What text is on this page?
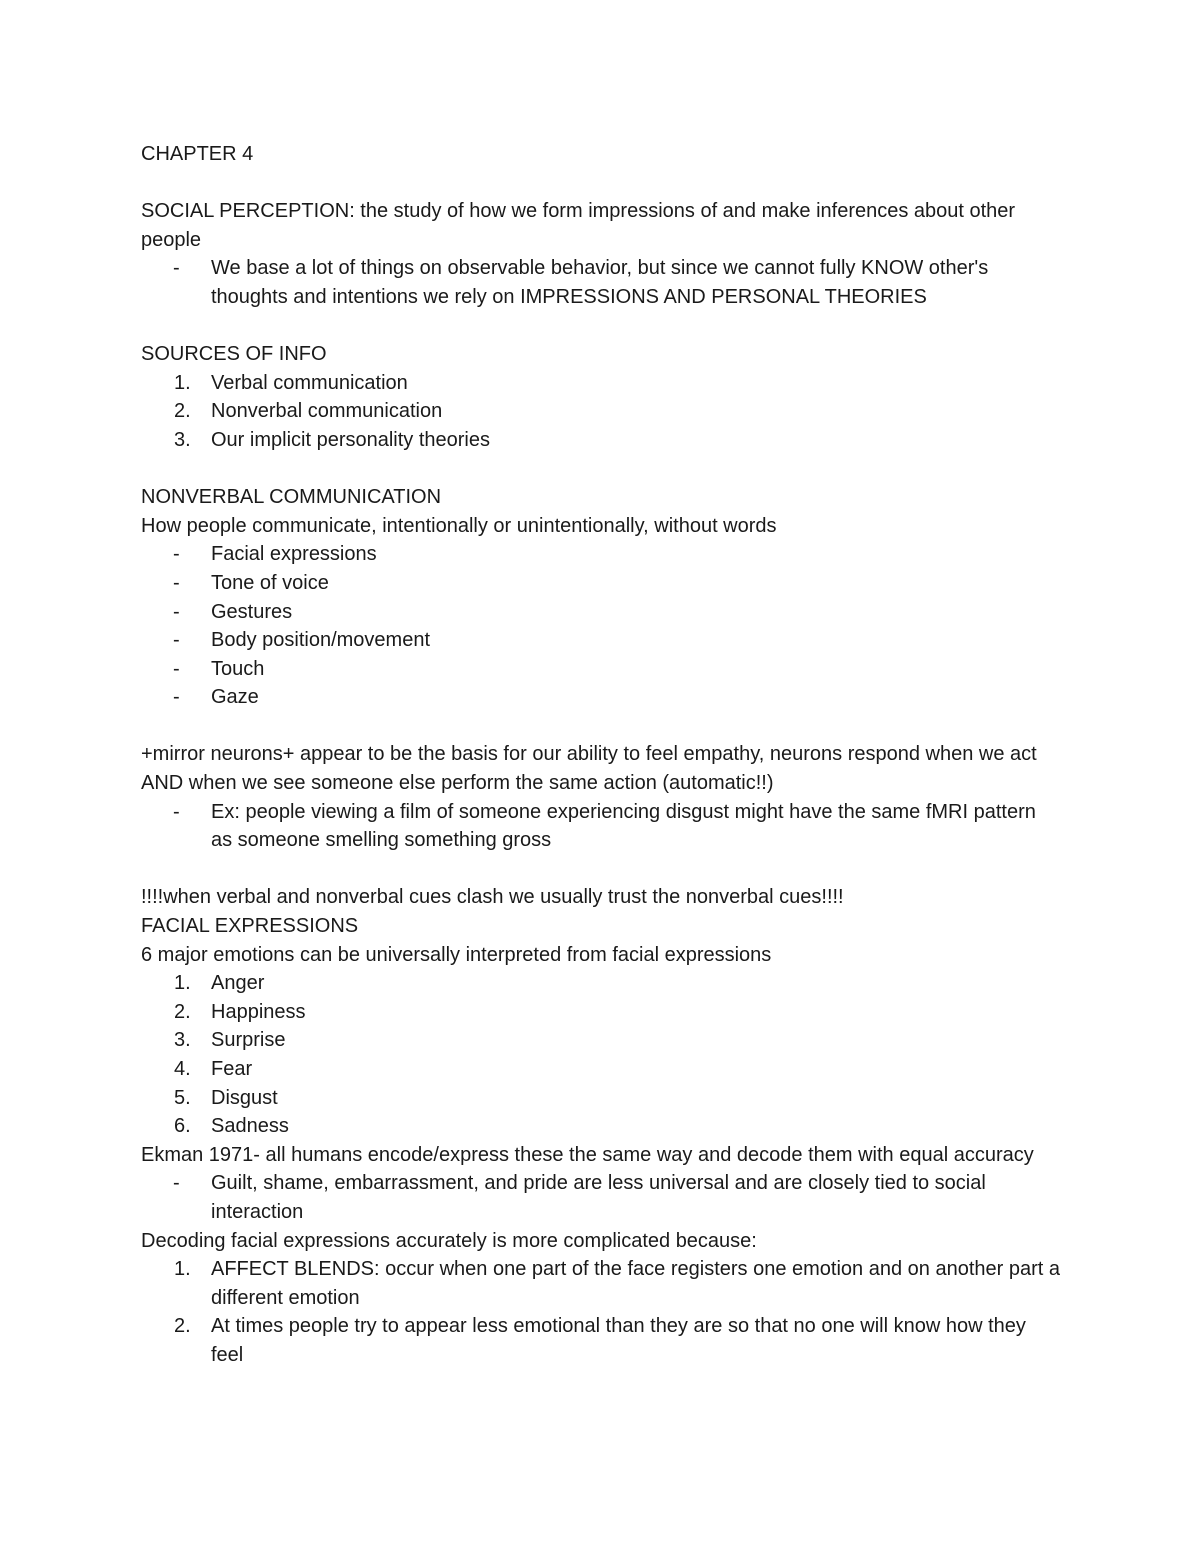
CHAPTER 4

SOCIAL PERCEPTION: the study of how we form impressions of and make inferences about other people

-	We base a lot of things on observable behavior, but since we cannot fully KNOW other's thoughts and intentions we rely on IMPRESSIONS AND PERSONAL THEORIES

SOURCES OF INFO

1.	Verbal communication
2.	Nonverbal communication
3.	Our implicit personality theories

NONVERBAL COMMUNICATION

How people communicate, intentionally or unintentionally, without words

-	Facial expressions
-	Tone of voice
-	Gestures
-	Body position/movement
-	Touch
-	Gaze

+mirror neurons+ appear to be the basis for our ability to feel empathy, neurons respond when we act AND when we see someone else perform the same action (automatic!!)

-	Ex: people viewing a film of someone experiencing disgust might have the same fMRI pattern as someone smelling something gross

!!!!when verbal and nonverbal cues clash we usually trust the nonverbal cues!!!!

FACIAL EXPRESSIONS

6 major emotions can be universally interpreted from facial expressions

1.	Anger
2.	Happiness
3.	Surprise
4.	Fear
5.	Disgust
6.	Sadness

Ekman 1971- all humans encode/express these the same way and decode them with equal accuracy

-	Guilt, shame, embarrassment, and pride are less universal and are closely tied to social interaction

Decoding facial expressions accurately is more complicated because:

1.	AFFECT BLENDS: occur when one part of the face registers one emotion and on another part a different emotion
2.	At times people try to appear less emotional than they are so that no one will know how they feel
